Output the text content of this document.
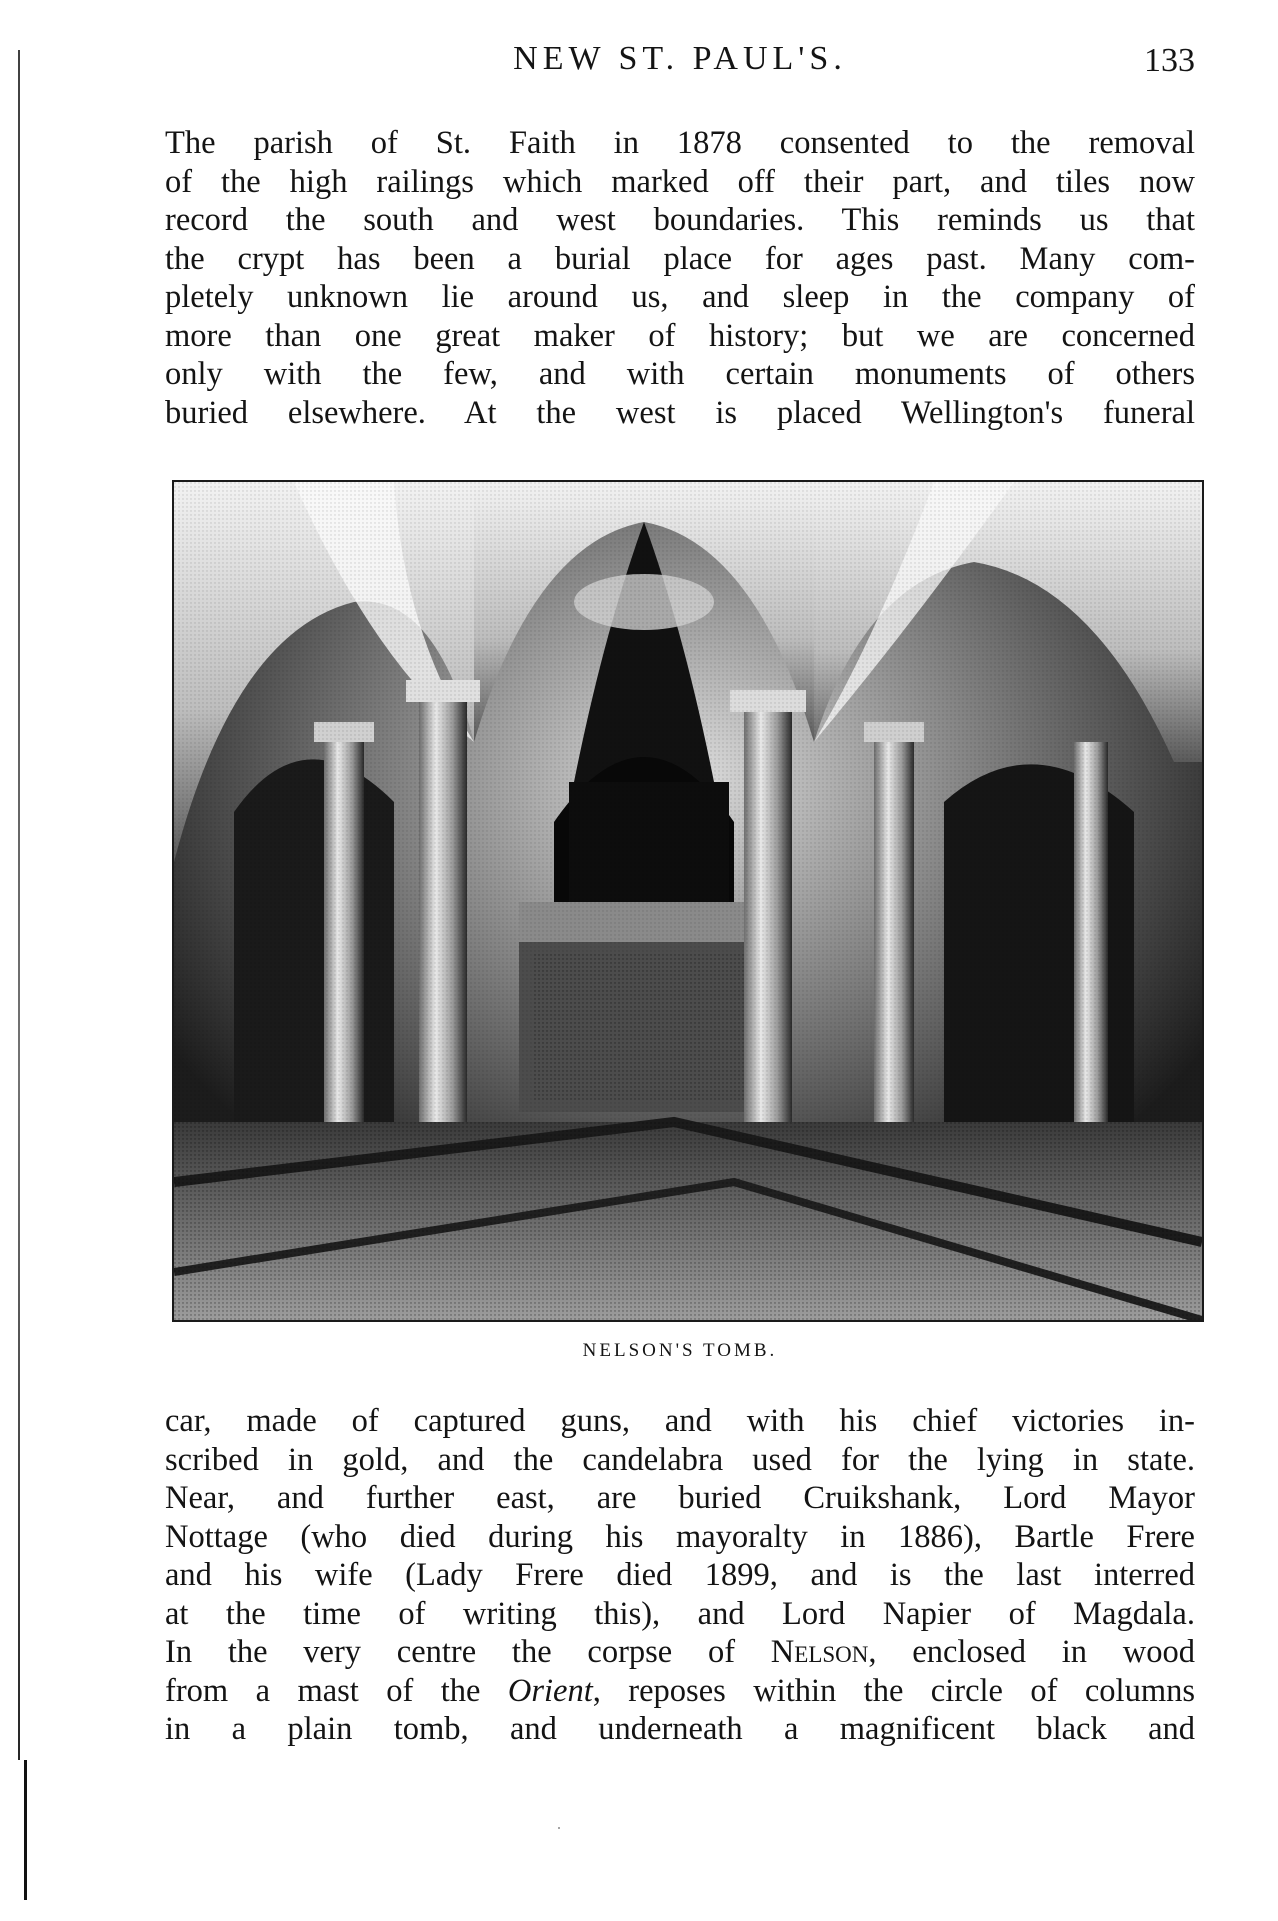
NEW ST. PAUL'S.	133
The parish of St. Faith in 1878 consented to the removal
of the high railings which marked off their part, and tiles now
record the south and west boundaries. This reminds us that
the crypt has been a burial place for ages past. Many com-
pletely unknown lie around us, and sleep in the company of
more than one great maker of history; but we are concerned
only with the few, and with certain monuments of others
buried elsewhere. At the west is placed Wellington's funeral
NELSON'S TOMB.
car, made of captured guns, and with his chief victories in-
scribed in gold, and the candelabra used for the lying in state.
Near, and further east, are buried Cruikshank, Lord Mayor
Nottage (who died during his mayoralty in 1886), Bartle Frere
and his wife (Lady Frere died 1899, and is the last interred
at the time of writing this), and Lord Napier of Magdala.
In the very centre the corpse of Nelson, enclosed in wood
from a mast of the Orient, reposes within the circle of columns
in a plain tomb, and underneath a magnificent black and
